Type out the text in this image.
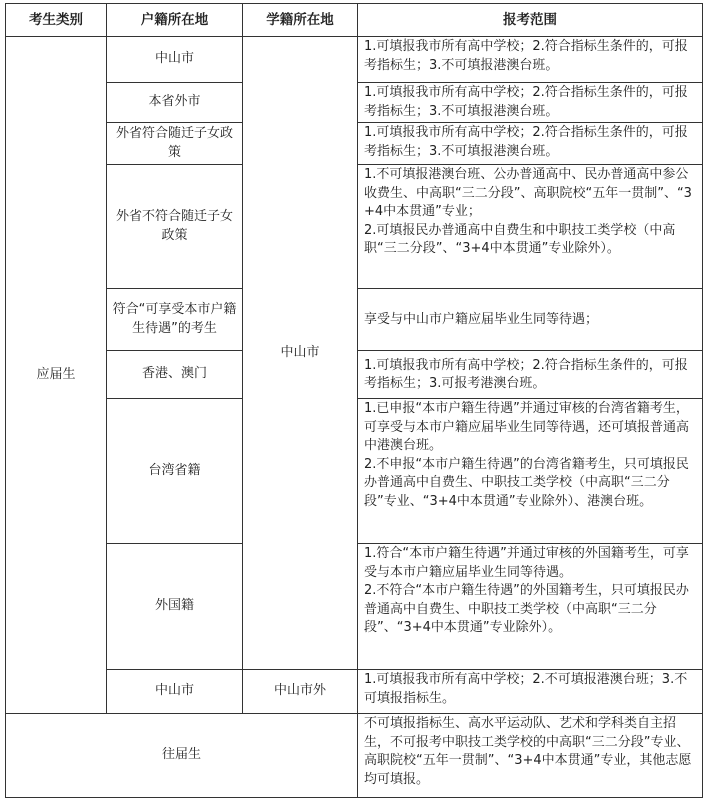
考生类别	户籍所在地	学籍所在地	报考范围
应届生	中山市	中山市	1.可填报我市所有高中学校；2.符合指标生条件的，可报考指标生；3.不可填报港澳台班。

	本省外市		1.可填报我市所有高中学校；2.符合指标生条件的，可报考指标生；3.不可填报港澳台班。

	外省符合随迁子女政策		1.可填报我市所有高中学校；2.符合指标生条件的，可报考指标生；3.不可填报港澳台班。

	外省不符合随迁子女政策		1.不可填报港澳台班、公办普通高中、民办普通高中参公收费生、中高职“三二分段”、高职院校“五年一贯制”、“3+4中本贯通”专业；
2.可填报民办普通高中自费生和中职技工类学校（中高职“三二分段”、“3+4中本贯通”专业除外）。

	符合“可享受本市户籍生待遇”的考生		享受与中山市户籍应届毕业生同等待遇；

	香港、澳门		1.可填报我市所有高中学校；2.符合指标生条件的，可报考指标生；3.可报考港澳台班。

	台湾省籍		1.已申报“本市户籍生待遇”并通过审核的台湾省籍考生，可享受与本市户籍应届毕业生同等待遇，还可填报普通高中港澳台班。
2.不申报“本市户籍生待遇”的台湾省籍考生，只可填报民办普通高中自费生、中职技工类学校（中高职“三二分段”专业、“3+4中本贯通”专业除外）、港澳台班。

	外国籍		1.符合“本市户籍生待遇”并通过审核的外国籍考生，可享受与本市户籍应届毕业生同等待遇。
2.不符合“本市户籍生待遇”的外国籍考生，只可填报民办普通高中自费生、中职技工类学校（中高职“三二分段”、“3+4中本贯通”专业除外）。

	中山市	中山市外	1.可填报我市所有高中学校；2.不可填报港澳台班；3.不可填报指标生。

往届生			不可填报指标生、高水平运动队、艺术和学科类自主招生，不可报考中职技工类学校的中高职“三二分段”专业、高职院校“五年一贯制”、“3+4中本贯通”专业，其他志愿均可填报。
